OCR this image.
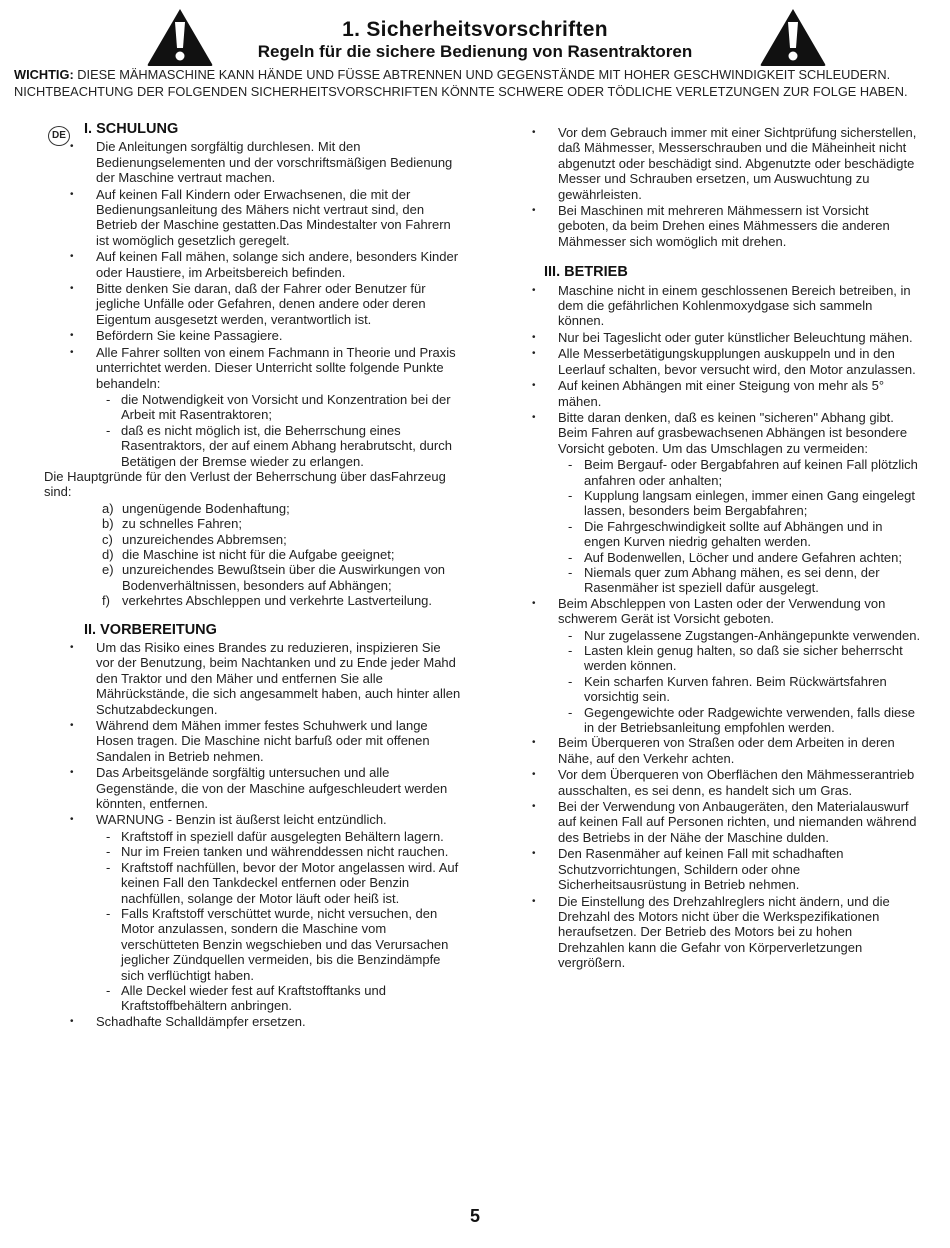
1. Sicherheitsvorschriften
Regeln für die sichere Bedienung von Rasentraktoren
WICHTIG: DIESE MÄHMASCHINE KANN HÄNDE UND FÜSSE ABTRENNEN UND GEGENSTÄNDE MIT HOHER GESCHWINDIGKEIT SCHLEUDERN. NICHTBEACHTUNG DER FOLGENDEN SICHERHEITSVORSCHRIFTEN KÖNNTE SCHWERE ODER TÖDLICHE VERLETZUNGEN ZUR FOLGE HABEN.
DE I. SCHULUNG
• Die Anleitungen sorgfältig durchlesen. Mit den Bedienungselementen und der vorschriftsmäßigen Bedienung der Maschine vertraut machen.
• Auf keinen Fall Kindern oder Erwachsenen, die mit der Bedienungsanleitung des Mähers nicht vertraut sind, den Betrieb der Maschine gestatten.Das Mindestalter von Fahrern ist womöglich gesetzlich geregelt.
• Auf keinen Fall mähen, solange sich andere, besonders Kinder oder Haustiere, im Arbeitsbereich befinden.
• Bitte denken Sie daran, daß der Fahrer oder Benutzer für jegliche Unfälle oder Gefahren, denen andere oder deren Eigentum ausgesetzt werden, verantwortlich ist.
• Befördern Sie keine Passagiere.
• Alle Fahrer sollten von einem Fachmann in Theorie und Praxis unterrichtet werden. Dieser Unterricht sollte folgende Punkte behandeln:
- die Notwendigkeit von Vorsicht und Konzentration bei der Arbeit mit Rasentraktoren;
- daß es nicht möglich ist, die Beherrschung eines Rasentraktors, der auf einem Abhang herabrutscht, durch Betätigen der Bremse wieder zu erlangen.
Die Hauptgründe für den Verlust der Beherrschung über dasFahrzeug sind:
a) ungenügende Bodenhaftung;
b) zu schnelles Fahren;
c) unzureichendes Abbremsen;
d) die Maschine ist nicht für die Aufgabe geeignet;
e) unzureichendes Bewußtsein über die Auswirkungen von Bodenverhältnissen, besonders auf Abhängen;
f) verkehrtes Abschleppen und verkehrte Lastverteilung.
II. VORBEREITUNG
• Um das Risiko eines Brandes zu reduzieren, inspizieren Sie vor der Benutzung, beim Nachtanken und zu Ende jeder Mahd den Traktor und den Mäher und entfernen Sie alle Mährückstände, die sich angesammelt haben, auch hinter allen Schutzabdeckungen.
• Während dem Mähen immer festes Schuhwerk und lange Hosen tragen. Die Maschine nicht barfuß oder mit offenen Sandalen in Betrieb nehmen.
• Das Arbeitsgelände sorgfältig untersuchen und alle Gegenstände, die von der Maschine aufgeschleudert werden könnten, entfernen.
• WARNUNG - Benzin ist äußerst leicht entzündlich.
- Kraftstoff in speziell dafür ausgelegten Behältern lagern.
- Nur im Freien tanken und währenddessen nicht rauchen.
- Kraftstoff nachfüllen, bevor der Motor angelassen wird. Auf keinen Fall den Tankdeckel entfernen oder Benzin nachfüllen, solange der Motor läuft oder heiß ist.
- Falls Kraftstoff verschüttet wurde, nicht versuchen, den Motor anzulassen, sondern die Maschine vom verschütteten Benzin wegschieben und das Verursachen jeglicher Zündquellen vermeiden, bis die Benzindämpfe sich verflüchtigt haben.
- Alle Deckel wieder fest auf Kraftstofftanks und Kraftstoffbehältern anbringen.
• Schadhafte Schalldämpfer ersetzen.
• Vor dem Gebrauch immer mit einer Sichtprüfung sicherstellen, daß Mähmesser, Messerschrauben und die Mäheinheit nicht abgenutzt oder beschädigt sind. Abgenutzte oder beschädigte Messer und Schrauben ersetzen, um Auswuchtung zu gewährleisten.
• Bei Maschinen mit mehreren Mähmessern ist Vorsicht geboten, da beim Drehen eines Mähmessers die anderen Mähmesser sich womöglich mit drehen.
III. BETRIEB
• Maschine nicht in einem geschlossenen Bereich betreiben, in dem die gefährlichen Kohlenmoxydgase sich sammeln können.
• Nur bei Tageslicht oder guter künstlicher Beleuchtung mähen.
• Alle Messerbetätigungskupplungen auskuppeln und in den Leerlauf schalten, bevor versucht wird, den Motor anzulassen.
• Auf keinen Abhängen mit einer Steigung von mehr als 5° mähen.
• Bitte daran denken, daß es keinen "sicheren" Abhang gibt. Beim Fahren auf grasbewachsenen Abhängen ist besondere Vorsicht geboten. Um das Umschlagen zu vermeiden:
- Beim Bergauf- oder Bergabfahren auf keinen Fall plötzlich anfahren oder anhalten;
- Kupplung langsam einlegen, immer einen Gang eingelegt lassen, besonders beim Bergabfahren;
- Die Fahrgeschwindigkeit sollte auf Abhängen und in engen Kurven niedrig gehalten werden.
- Auf Bodenwellen, Löcher und andere Gefahren achten;
- Niemals quer zum Abhang mähen, es sei denn, der Rasenmäher ist speziell dafür ausgelegt.
• Beim Abschleppen von Lasten oder der Verwendung von schwerem Gerät ist Vorsicht geboten.
- Nur zugelassene Zugstangen-Anhängepunkte verwenden.
- Lasten klein genug halten, so daß sie sicher beherrscht werden können.
- Kein scharfen Kurven fahren. Beim Rückwärtsfahren vorsichtig sein.
- Gegengewichte oder Radgewichte verwenden, falls diese in der Betriebsanleitung empfohlen werden.
• Beim Überqueren von Straßen oder dem Arbeiten in deren Nähe, auf den Verkehr achten.
• Vor dem Überqueren von Oberflächen den Mähmesserantrieb ausschalten, es sei denn, es handelt sich um Gras.
• Bei der Verwendung von Anbaugeräten, den Materialauswurf auf keinen Fall auf Personen richten, und niemanden während des Betriebs in der Nähe der Maschine dulden.
• Den Rasenmäher auf keinen Fall mit schadhaften Schutzvorrichtungen, Schildern oder ohne Sicherheitsausrüstung in Betrieb nehmen.
• Die Einstellung des Drehzahlreglers nicht ändern, und die Drehzahl des Motors nicht über die Werkspezifikationen heraufsetzen. Der Betrieb des Motors bei zu hohen Drehzahlen kann die Gefahr von Körperverletzungen vergrößern.
5
